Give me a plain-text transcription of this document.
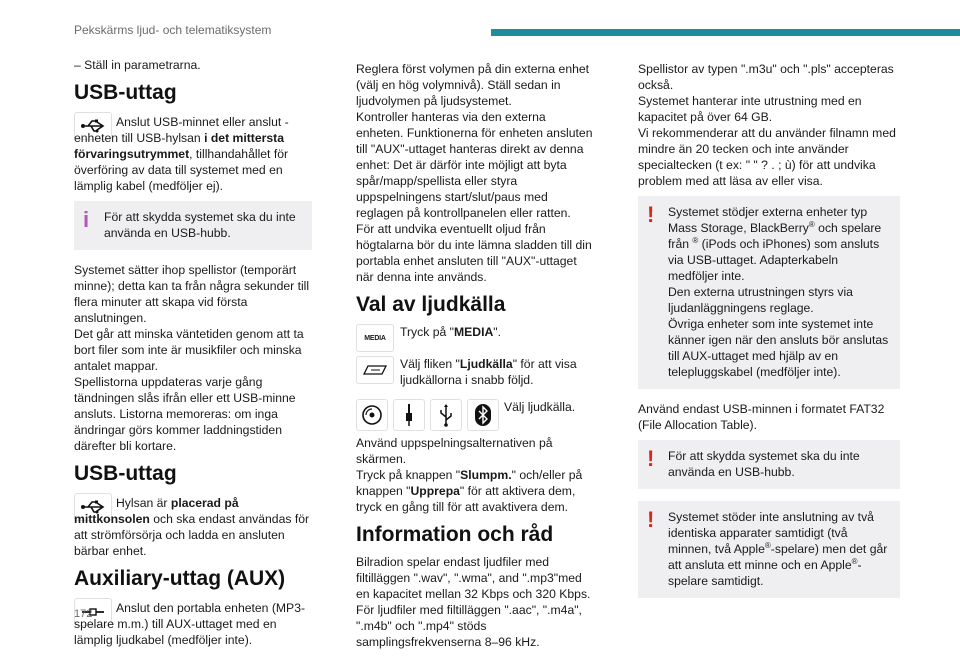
Pekskärms ljud- och telematiksystem

– Ställ in parametrarna.

USB-uttag

Anslut USB-minnet eller anslut -enheten till USB-hylsan i det mittersta förvaringsutrymmet, tillhandahållet för överföring av data till systemet med en lämplig kabel (medföljer ej).

i För att skydda systemet ska du inte använda en USB-hubb.

Systemet sätter ihop spellistor (temporärt minne); detta kan ta från några sekunder till flera minuter att skapa vid första anslutningen.

Det går att minska väntetiden genom att ta bort filer som inte är musikfiler och minska antalet mappar.

Spellistorna uppdateras varje gång tändningen slås ifrån eller ett USB-minne ansluts. Listorna memoreras: om inga ändringar görs kommer laddningstiden därefter bli kortare.

USB-uttag

Hylsan är placerad på mittkonsolen och ska endast användas för att strömförsörja och ladda en ansluten bärbar enhet.

Auxiliary-uttag (AUX)

Anslut den portabla enheten (MP3-spelare m.m.) till AUX-uttaget med en lämplig ljudkabel (medföljer inte).

Reglera först volymen på din externa enhet (välj en hög volymnivå). Ställ sedan in ljudvolymen på ljudsystemet.

Kontroller hanteras via den externa enheten. Funktionerna för enheten ansluten till "AUX"-uttaget hanteras direkt av denna enhet: Det är därför inte möjligt att byta spår/mapp/spellista eller styra uppspelningens start/slut/paus med reglagen på kontrollpanelen eller ratten.

För att undvika eventuellt oljud från högtalarna bör du inte lämna sladden till din portabla enhet ansluten till "AUX"-uttaget när denna inte används.

Val av ljudkälla
MEDIA	Tryck på "MEDIA".

Välj fliken "Ljudkälla" för att visa ljudkällorna i snabb följd.

Välj ljudkälla.

Använd uppspelningsalternativen på skärmen.

Tryck på knappen "Slumpm." och/eller på knappen "Upprepa" för att aktivera dem, tryck en gång till för att avaktivera dem.

Information och råd

Bilradion spelar endast ljudfiler med filtilläggen ".wav", ".wma", and ".mp3"med en kapacitet mellan 32 Kbps och 320 Kbps.

För ljudfiler med filtilläggen ".aac", ".m4a", ".m4b" och ".mp4" stöds samplingsfrekvenserna 8–96 kHz.

Spellistor av typen ".m3u" och ".pls" accepteras också.

Systemet hanterar inte utrustning med en kapacitet på över 64 GB.

Vi rekommenderar att du använder filnamn med mindre än 20 tecken och inte använder specialtecken (t ex: " " ? . ; ù) för att undvika problem med att läsa av eller visa.

! Systemet stödjer externa enheter typ Mass Storage, BlackBerry® och spelare från ® (iPods och iPhones) som ansluts via USB-uttaget. Adapterkabeln medföljer inte.

Den externa utrustningen styrs via ljudanläggningens reglage.

Övriga enheter som inte systemet inte känner igen när den ansluts bör anslutas till AUX-uttaget med hjälp av en telepluggskabel (medföljer inte).

Använd endast USB-minnen i formatet FAT32 (File Allocation Table).

! För att skydda systemet ska du inte använda en USB-hubb.

! Systemet stöder inte anslutning av två identiska apparater samtidigt (två minnen, två Apple®-spelare) men det går att ansluta ett minne och en Apple®-spelare samtidigt.

172
